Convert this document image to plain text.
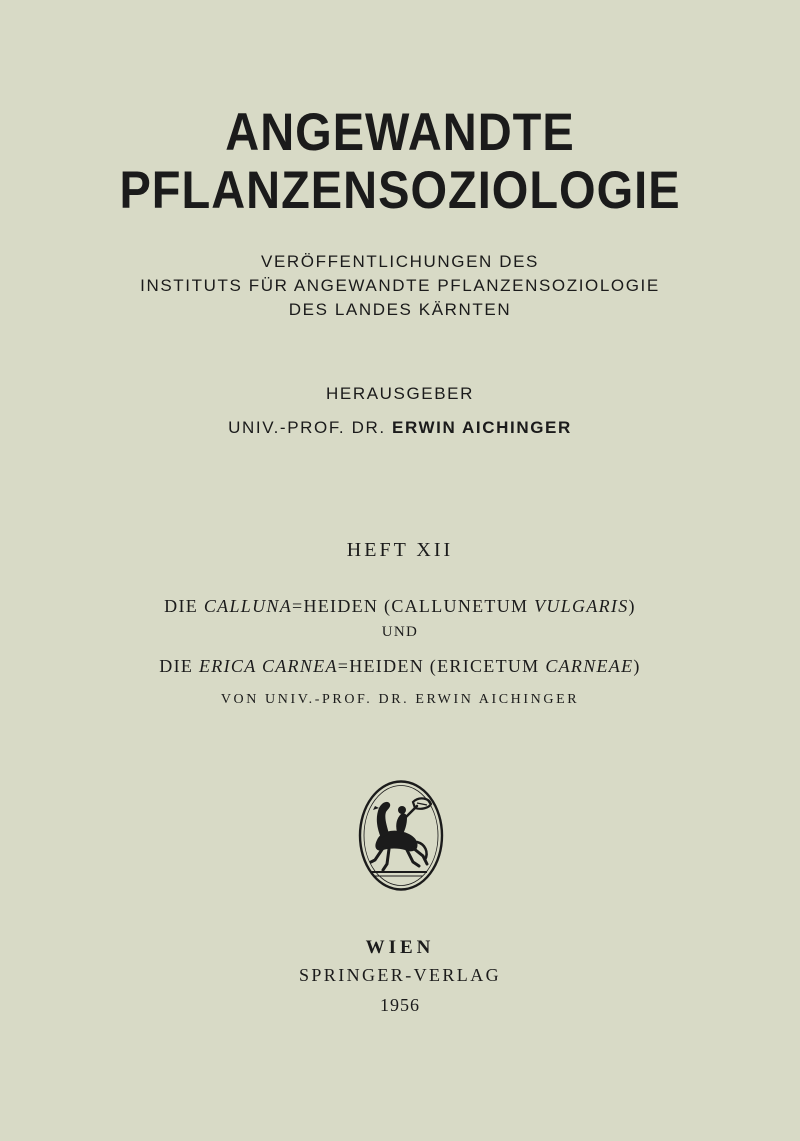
ANGEWANDTE

PFLANZENSOZIOLOGIE

VERÖFFENTLICHUNGEN DES

INSTITUTS FÜR ANGEWANDTE PFLANZENSOZIOLOGIE

DES LANDES KÄRNTEN

HERAUSGEBER

UNIV.-PROF. DR. ERWIN AICHINGER

HEFT XII

DIE CALLUNA=HEIDEN (CALLUNETUM VULGARIS)

UND

DIE ERICA CARNEA=HEIDEN (ERICETUM CARNEAE)

VON UNIV.-PROF. DR. ERWIN AICHINGER

WIEN

SPRINGER-VERLAG

1956
